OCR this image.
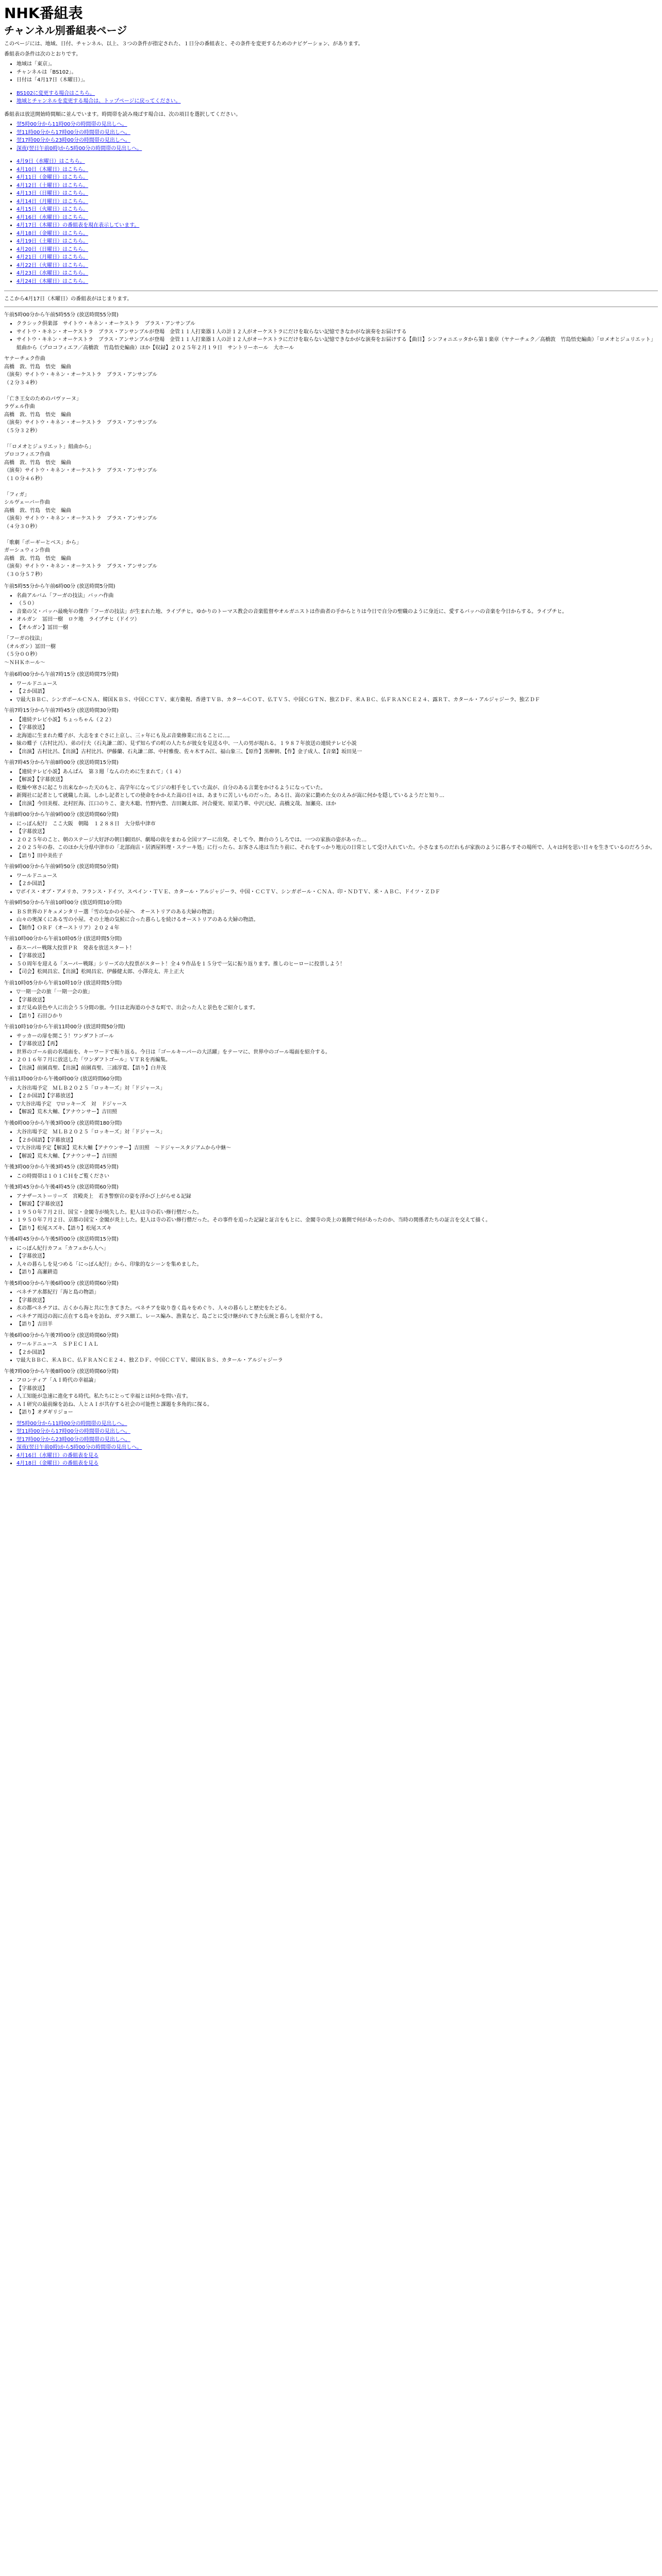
NHK番組表
チャンネル別番組表ページ

このページには、地域、日付、チャンネル、以上、３つの条件が指定された、１日分の番組表と、その条件を変更するためのナビゲーション、があります。

番組表の条件は次のとおりです。

• 地域は「東京」。
• チャンネルは「BS102」。
• 日付は「4月17日（木曜日）」。
• BS102に変更する場合はこちら。
• 地域とチャンネルを変更する場合は、トップページに戻ってください。

番組表は放送開始時間順に並んでいます。時間帯を読み飛ばす場合は、次の項目を選択してください。

• 翌5時00分から11時00分の時間帯の見出しへ。
• 翌11時00分から17時00分の時間帯の見出しへ。
• 翌17時00分から23時00分の時間帯の見出しへ。
• 深夜(翌日午前0時)から5時00分の時間帯の見出しへ。
• 4月9日（水曜日）はこちら。
• 4月10日（木曜日）はこちら。
• 4月11日（金曜日）はこちら。
• 4月12日（土曜日）はこちら。
• 4月13日（日曜日）はこちら。
• 4月14日（月曜日）はこちら。
• 4月15日（火曜日）はこちら。
• 4月16日（水曜日）はこちら。
• 4月17日（木曜日）の番組表を現在表示しています。
• 4月18日（金曜日）はこちら。
• 4月19日（土曜日）はこちら。
• 4月20日（日曜日）はこちら。
• 4月21日（月曜日）はこちら。
• 4月22日（火曜日）はこちら。
• 4月23日（水曜日）はこちら。
• 4月24日（木曜日）はこちら。

ここから4月17日（木曜日）の番組表がはじまります。

午前5時00分から午前5時55分 (放送時間55分間)

• クラシック倶楽部　サイトウ・キネン・オーケストラ　ブラス・アンサンブル
• サイトウ・キネン・オーケストラ　ブラス・アンサンブルが登場　金管１１人打楽器１人の計１２人がオーケストラにだけを取らない記憶できなかがな演奏をお届けする
• サイトウ・キネン・オーケストラ　ブラス・アンサンブルが登場　金管１１人打楽器１人の計１２人がオーケストラにだけを取らない記憶できなかがな演奏をお届けする【曲目】シンフォニエッタから第１楽章（ヤナーチェク／高橋敦　竹島悟史編曲）「ロメオとジュリエット」組曲から（プロコフィエフ／高橋敦　竹島悟史編曲）ほか【収録】２０２５年２月１９日　サントリーホール　大ホール
ヤナーチェク作曲
高橋　敦、竹島　悟史　編曲
（演奏）サイトウ・キネン・オーケストラ　ブラス・アンサンブル
（２分３４秒）

「亡き王女のためのパヴァーヌ」
ラヴェル作曲
高橋　敦、竹島　悟史　編曲
（演奏）サイトウ・キネン・オーケストラ　ブラス・アンサンブル
（５分３２秒）

「「ロメオとジュリエット」組曲から」
プロコフィエフ作曲
高橋　敦、竹島　悟史　編曲
（演奏）サイトウ・キネン・オーケストラ　ブラス・アンサンブル
（１０分４６秒）

「フィガ」
シルヴェーバー作曲
高橋　敦、竹島　悟史　編曲
（演奏）サイトウ・キネン・オーケストラ　ブラス・アンサンブル
（４分３０秒）

「歌劇「ポーギーとベス」から」
ガーシュウィン作曲
高橋　敦、竹島　悟史　編曲
（演奏）サイトウ・キネン・オーケストラ　ブラス・アンサンブル
（３０分５７秒）

午前5時55分から午前6時00分 (放送時間5分間)

• 名曲アルバム「フーガの技法」バッハ作曲
• （５０）
• 音楽の父・バッハ最晩年の傑作「フーガの技法」が生まれた地、ライプチヒ。ゆかりのトーマス教会の音楽監督やオルガニストは作曲者の手からとりは今日で自分の聖職のように身近に、愛するバッハの音楽を今日からする。ライプチヒ。
• オルガン　冨田一樹　ロケ地　ライプチヒ（ドイツ）
• 【オルガン】冨田一樹
「フーガの技法」
（オルガン）冨田一樹
（５分００秒）
～ＮＨＫホール～

午前6時00分から午前7時15分 (放送時間75分間)

• ワールドニュース
• 【２か国語】
• ▽最大ＢＢＣ、シンガポールＣＮＡ、韓国ＫＢＳ、中国ＣＣＴＶ、東方衛視、香港ＴＶＢ、カタールＣＯＴ、仏ＴＶ５、中国ＣＧＴＮ、独ＺＤＦ、米ＡＢＣ、仏ＦＲＡＮＣＥ２４、露ＲＴ、カタール・アルジャジーラ、独ＺＤＦ

午前7時15分から午前7時45分 (放送時間30分間)

• 【連続テレビ小説】ちょっちゃん（２２）
• 【字幕放送】
• 北海道に生まれた蝶子が、大志をまぐさに上京し、三ヶ年にも及ぶ音楽修業に出ることに…。
• 妹の蝶子（古村比呂）、弟の行夫（石丸謙二郎）、見ず知らずの町の人たちが彼女を見送る中、一人の男が現れる。１９８７年放送の連続テレビ小説
• 【出演】古村比呂、【出演】古村比呂、伊藤蘭、石丸謙二郎、中村雅俊、佐々木すみ江、福山象三、【原作】黒柳朝、【作】金子成人、【音楽】坂田晃一

午前7時45分から午前8時00分 (放送時間15分間)

• 【連続テレビ小説】あんぱん　第３週「なんのために生まれて」（１４）
• 【解説】【字幕放送】
• 乾燥や寒さに起こり出来なかった天のもと、高学年になってジジの相手をしていた嵩が、自分のある言葉をかけるようになっていた。
• 新聞社に記者として就職した嵩。しかし記者としての使命をかかえた嵩の日々は、あまりに苦しいものだった。ある日、嵩の家に勤めた女のえみが嵩に何かを隠しているようだと知り…
• 【出演】今田美桜、北村匠海、江口のりこ、妻夫木聡、竹野内豊、吉田鋼太郎、河合優実、原菜乃華、中沢元紀、高橋文哉、加瀬亮、ほか

午前8時00分から午前9時00分 (放送時間60分間)

• にっぽん紀行　ここ大阪　朝陽　１２８８日　大分県中津市
• 【字幕放送】
• ２０２５年のこと、朝のステージ大好評の朝日劇団が、劇場の街をまわる全国ツアーに出発。そして今、舞台のうしろでは、一つの家族の姿があった…
• ２０２５年の春、このほか大分県中津市の「北部商店・居酒屋料理・ステーキ処」に行ったら、お客さん達は当たり前に、それをすっかり地元の日常として受け入れていた。小さなまちのだれもが家族のように暮らすその場所で、人々は何を思い日々を生きているのだろうか。
• 【語り】田中美佐子

午前9時00分から午前9時50分 (放送時間50分間)

• ワールドニュース
• 【２か国語】
• ▽ボイス・オブ・アメリカ、フランス・ドイツ、スペイン・ＴＶＥ、カタール・アルジャジーラ、中国・ＣＣＴＶ、シンガポール・ＣＮＡ、印・ＮＤＴＶ、米・ＡＢＣ、ドイツ・ＺＤＦ

午前9時50分から午前10時00分 (放送時間10分間)

• ＢＳ世界のドキュメンタリー選「雪のなかの小屋へ　オーストリアのある夫婦の物語」
• 山々の奥深くにある雪の小屋。その土地の気候に合った暮らしを続けるオーストリアのある夫婦の物語。
• 【制作】ＯＲＦ（オーストリア）２０２４年

午前10時00分から午前10時05分 (放送時間5分間)

• 春スーパー戦隊大投票ＰＲ　発表を放送スタート！
• 【字幕放送】
• ５０周年を迎える「スーパー戦隊」シリーズの大投票がスタート！全４９作品を１５分で一気に振り返ります。推しのヒーローに投票しよう！
• 【司会】松岡昌宏、【出演】松岡昌宏、伊藤健太郎、小澤亮太、井上正大

午前10時05分から午前10時10分 (放送時間5分間)

• ▽一期一会の旅「一期一会の旅」
• 【字幕放送】
• まだ見ぬ景色や人に出会う５分間の旅。今日は北海道の小さな町で、出会った人と景色をご紹介します。
• 【語り】石田ひかり

午前10時10分から午前11時00分 (放送時間50分間)

• サッカーの扉を開こう！ワンダフトゴール
• 【字幕放送】【再】
• 世界のゴール前の名場面を、キーワードで振り返る。今日は「ゴールキーパーの大活躍」をテーマに、世界中のゴール場面を紹介する。
• ２０１６年７月に放送した「ワンダフトゴール」ＶＴＲを再編集。
• 【出演】前園真聖、【出演】前園真聖、三浦淳寛、【語り】白井茂

午前11時00分から午後0時00分 (放送時間60分間)

• 大谷出場予定　ＭＬＢ２０２５「ロッキーズ」対「ドジャース」
• 【２か国語】【字幕放送】
• ▽大谷出場予定　▽ロッキーズ　対　ドジャース
• 【解説】荒木大輔、【アナウンサー】吉田照

午後0時00分から午後3時00分 (放送時間180分間)

• 大谷出場予定　ＭＬＢ２０２５「ロッキーズ」対「ドジャース」
• 【２か国語】【字幕放送】
• ▽大谷出場予定【解説】荒木大輔【アナウンサー】吉田照　～ドジャースタジアムから中継～
• 【解説】荒木大輔、【アナウンサー】吉田照

午後3時00分から午後3時45分 (放送時間45分間)

• この時間帯は１０１ＣＨをご覧ください

午後3時45分から午後4時45分 (放送時間60分間)

• アナザーストーリーズ　宮殿炎上　若き警察官の姿を浮かび上がらせる記録
• 【解説】【字幕放送】
• １９５０年７月２日、国宝・金閣寺が焼失した。犯人は寺の若い修行僧だった。
• １９５０年７月２日、京都の国宝・金閣が炎上した。犯人は寺の若い修行僧だった。その事件を追った記録と証言をもとに、金閣寺の炎上の裏側で何があったのか、当時の関係者たちの証言を交えて描く。
• 【語り】松尾スズキ、【語り】松尾スズキ

午後4時45分から午後5時00分 (放送時間15分間)

• にっぽん紀行カフェ「カフェから人へ」
• 【字幕放送】
• 人々の暮らしを見つめる「にっぽん紀行」から、印象的なシーンを集めました。
• 【語り】高瀬耕造

午後5時00分から午後6時00分 (放送時間60分間)

• ベネチア水都紀行「海と島の物語」
• 【字幕放送】
• 水の都ベネチアは、古くから海と共に生きてきた。ベネチアを取り巻く島々をめぐり、人々の暮らしと歴史をたどる。
• ベネチア周辺の潟に点在する島々を訪ね、ガラス細工、レース編み、漁業など、島ごとに受け継がれてきた伝統と暮らしを紹介する。
• 【語り】吉田羊

午後6時00分から午後7時00分 (放送時間60分間)

• ワールドニュース　ＳＰＥＣＩＡＬ
• 【２か国語】
• ▽最大ＢＢＣ、米ＡＢＣ、仏ＦＲＡＮＣＥ２４、独ＺＤＦ、中国ＣＣＴＶ、韓国ＫＢＳ、カタール・アルジャジーラ

午後7時00分から午後8時00分 (放送時間60分間)

• フロンティア「ＡＩ時代の幸福論」
• 【字幕放送】
• 人工知能が急速に進化する時代。私たちにとって幸福とは何かを問い直す。
• ＡＩ研究の最前線を訪ね、人とＡＩが共存する社会の可能性と課題を多角的に探る。
• 【語り】オダギリジョー
• 翌5時00分から11時00分の時間帯の見出しへ。
• 翌11時00分から17時00分の時間帯の見出しへ。
• 翌17時00分から23時00分の時間帯の見出しへ。
• 深夜(翌日午前0時)から5時00分の時間帯の見出しへ。
• 4月16日（水曜日）の番組表を見る
• 4月18日（金曜日）の番組表を見る
